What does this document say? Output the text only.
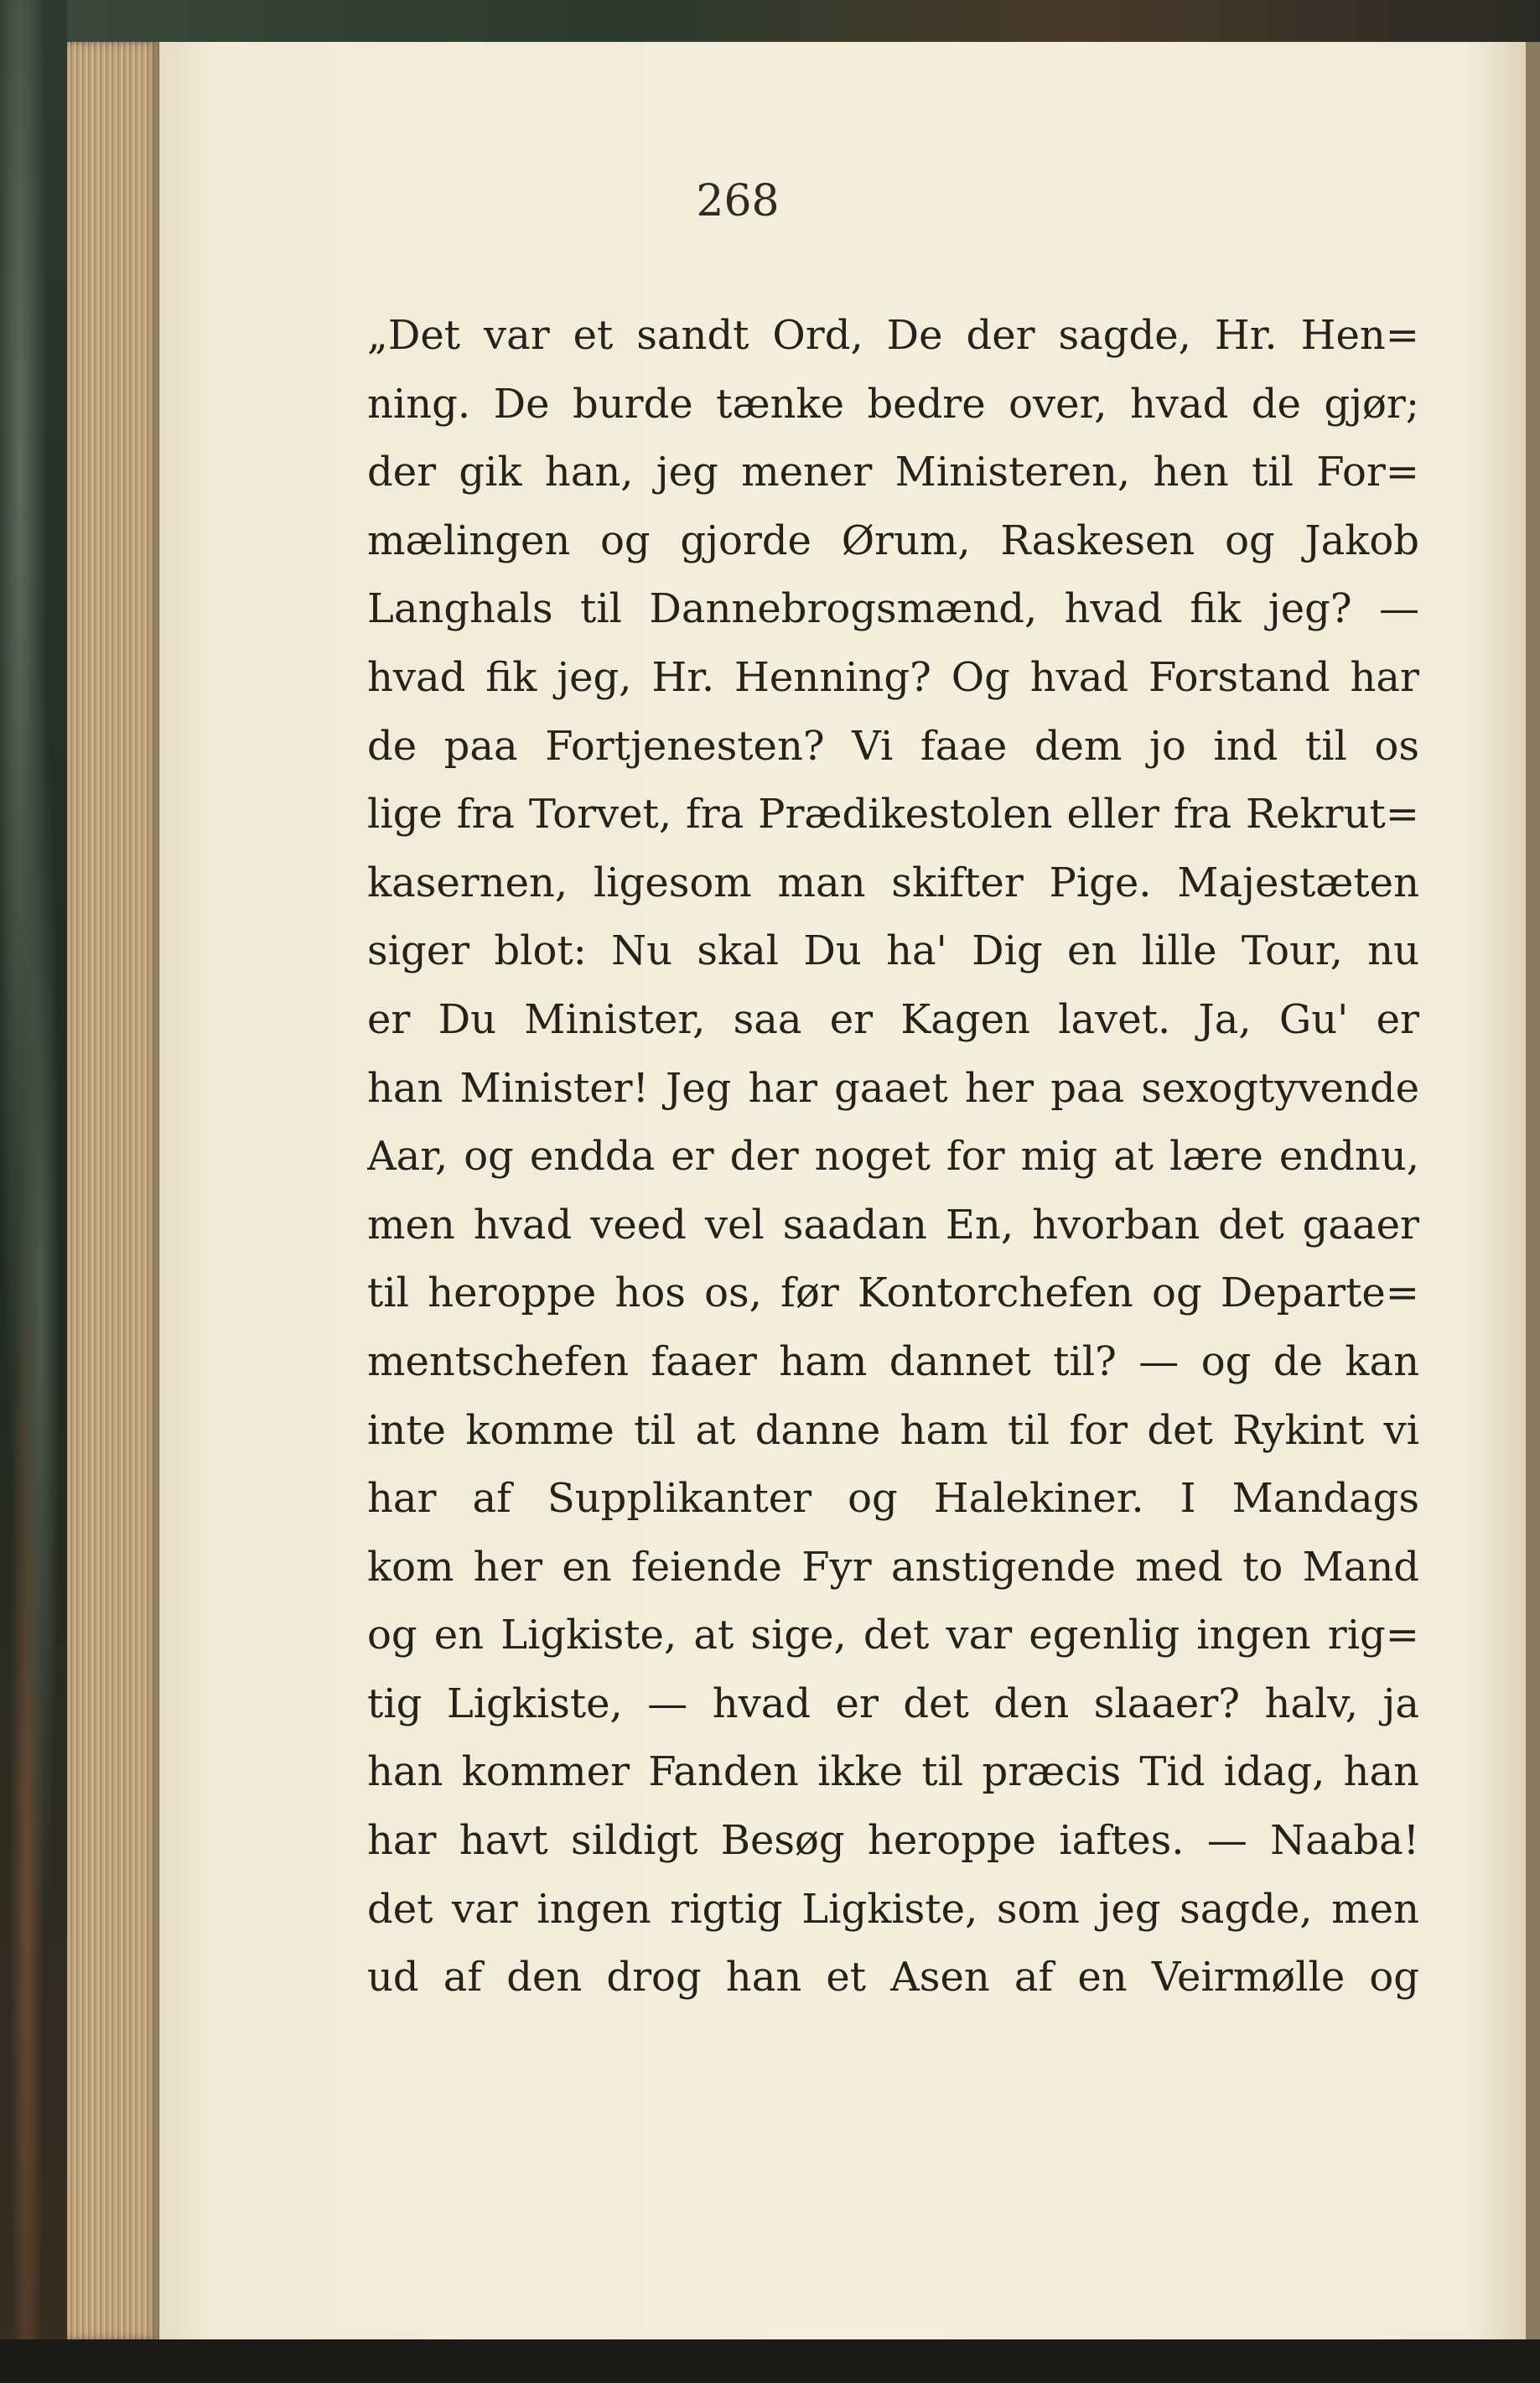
268
„Det var et sandt Ord, De der sagde, Hr. Hen=
ning. De burde tænke bedre over, hvad de gjør;
der gik han, jeg mener Ministeren, hen til For=
mælingen og gjorde Ørum, Raskesen og Jakob
Langhals til Dannebrogsmænd, hvad fik jeg? —
hvad fik jeg, Hr. Henning? Og hvad Forstand har
de paa Fortjenesten? Vi faae dem jo ind til os
lige fra Torvet, fra Prædikestolen eller fra Rekrut=
kasernen, ligesom man skifter Pige. Majestæten
siger blot: Nu skal Du ha' Dig en lille Tour, nu
er Du Minister, saa er Kagen lavet. Ja, Gu' er
han Minister! Jeg har gaaet her paa sexogtyvende
Aar, og endda er der noget for mig at lære endnu,
men hvad veed vel saadan En, hvorban det gaaer
til heroppe hos os, før Kontorchefen og Departe=
mentschefen faaer ham dannet til? — og de kan
inte komme til at danne ham til for det Rykint vi
har af Supplikanter og Halekiner. I Mandags
kom her en feiende Fyr anstigende med to Mand
og en Ligkiste, at sige, det var egenlig ingen rig=
tig Ligkiste, — hvad er det den slaaer? halv, ja
han kommer Fanden ikke til præcis Tid idag, han
har havt sildigt Besøg heroppe iaftes. — Naaba!
det var ingen rigtig Ligkiste, som jeg sagde, men
ud af den drog han et Asen af en Veirmølle og
